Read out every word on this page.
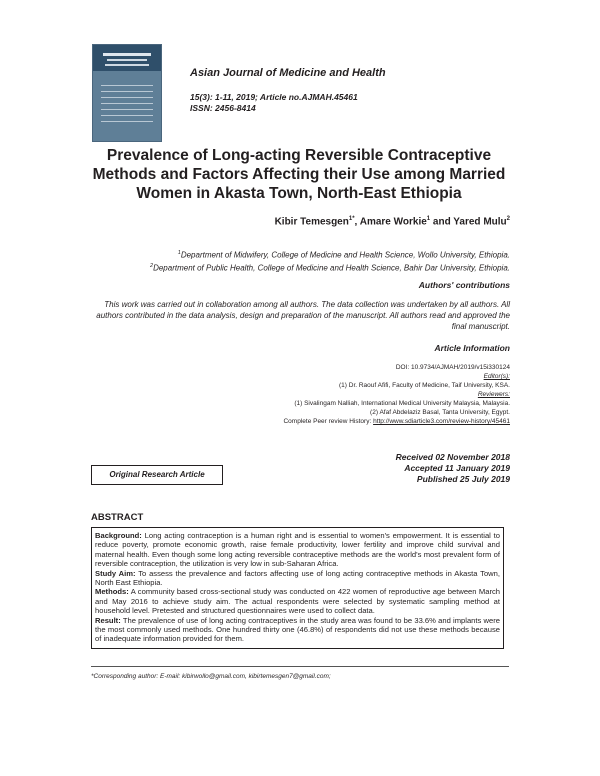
Asian Journal of Medicine and Health
15(3): 1-11, 2019; Article no.AJMAH.45461
ISSN: 2456-8414
Prevalence of Long-acting Reversible Contraceptive Methods and Factors Affecting their Use among Married Women in Akasta Town, North-East Ethiopia
Kibir Temesgen$^{1*}$, Amare Workie$^1$ and Yared Mulu$^2$
$^1$Department of Midwifery, College of Medicine and Health Science, Wollo University, Ethiopia.
$^2$Department of Public Health, College of Medicine and Health Science, Bahir Dar University, Ethiopia.
Authors' contributions
This work was carried out in collaboration among all authors. The data collection was undertaken by all authors. All authors contributed in the data analysis, design and preparation of the manuscript. All authors read and approved the final manuscript.
Article Information
DOI: 10.9734/AJMAH/2019/v15i330124
Editor(s):
(1) Dr. Raouf Afifi, Faculty of Medicine, Taif University, KSA.
Reviewers:
(1) Sivalingam Nalliah, International Medical University Malaysia, Malaysia.
(2) Afaf Abdelaziz Basal, Tanta University, Egypt.
Complete Peer review History: http://www.sdiarticle3.com/review-history/45461
Original Research Article
Received 02 November 2018
Accepted 11 January 2019
Published 25 July 2019
ABSTRACT

Background: Long acting contraception is a human right and is essential to women's empowerment. It is essential to reduce poverty, promote economic growth, raise female productivity, lower fertility and improve child survival and maternal health. Even though some long acting reversible contraceptive methods are the world's most prevalent form of reversible contraception, the utilization is very low in sub-Saharan Africa.

Study Aim: To assess the prevalence and factors affecting use of long acting contraceptive methods in Akasta Town, North East Ethiopia.

Methods: A community based cross-sectional study was conducted on 422 women of reproductive age between March and May 2016 to achieve study aim. The actual respondents were selected by systematic sampling method at household level. Pretested and structured questionnaires were used to collect data.

Result: The prevalence of use of long acting contraceptives in the study area was found to be 33.6% and implants were the most commonly used methods. One hundred thirty one (46.8%) of respondents did not use these methods because of inadequate information provided for them.

*Corresponding author: E-mail: kibirwollo@gmail.com, kibirtemesgen7@gmail.com;
